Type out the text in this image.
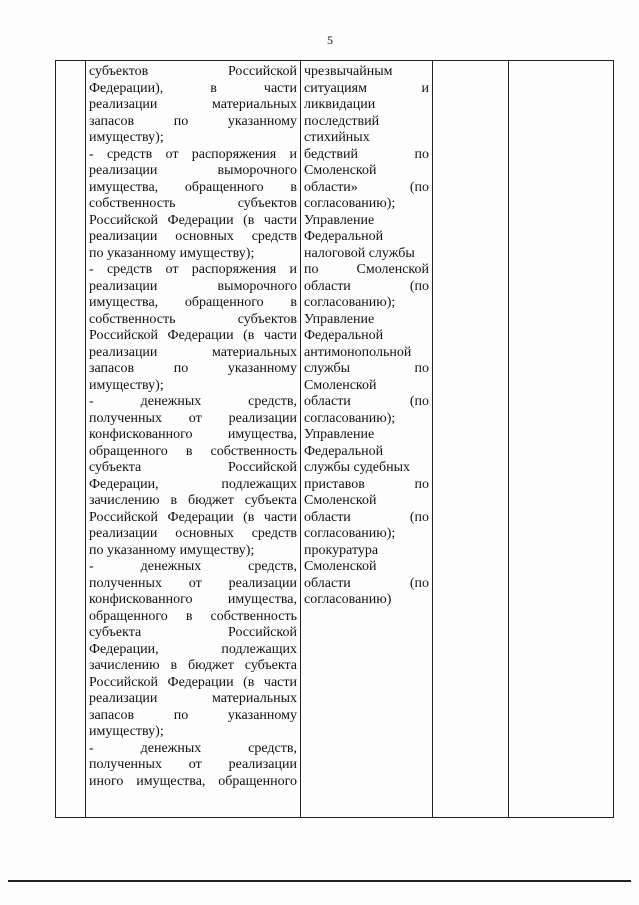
5

субъектов Российской
Федерации), в части
реализации материальных
запасов по указанному
имуществу);
- средств от распоряжения и
реализации выморочного
имущества, обращенного в
собственность субъектов
Российской Федерации (в части
реализации основных средств
по указанному имуществу);
- средств от распоряжения и
реализации выморочного
имущества, обращенного в
собственность субъектов
Российской Федерации (в части
реализации материальных
запасов по указанному
имуществу);
- денежных средств,
полученных от реализации
конфискованного имущества,
обращенного в собственность
субъекта Российской
Федерации, подлежащих
зачислению в бюджет субъекта
Российской Федерации (в части
реализации основных средств
по указанному имуществу);
- денежных средств,
полученных от реализации
конфискованного имущества,
обращенного в собственность
субъекта Российской
Федерации, подлежащих
зачислению в бюджет субъекта
Российской Федерации (в части
реализации материальных
запасов по указанному
имуществу);
- денежных средств,
полученных от реализации
иного имущества, обращенного

чрезвычайным
ситуациям и
ликвидации
последствий
стихийных
бедствий по
Смоленской
области» (по
согласованию);
Управление
Федеральной
налоговой службы
по Смоленской
области (по
согласованию);
Управление
Федеральной
антимонопольной
службы по
Смоленской
области (по
согласованию);
Управление
Федеральной
службы судебных
приставов по
Смоленской
области (по
согласованию);
прокуратура
Смоленской
области (по
согласованию)
